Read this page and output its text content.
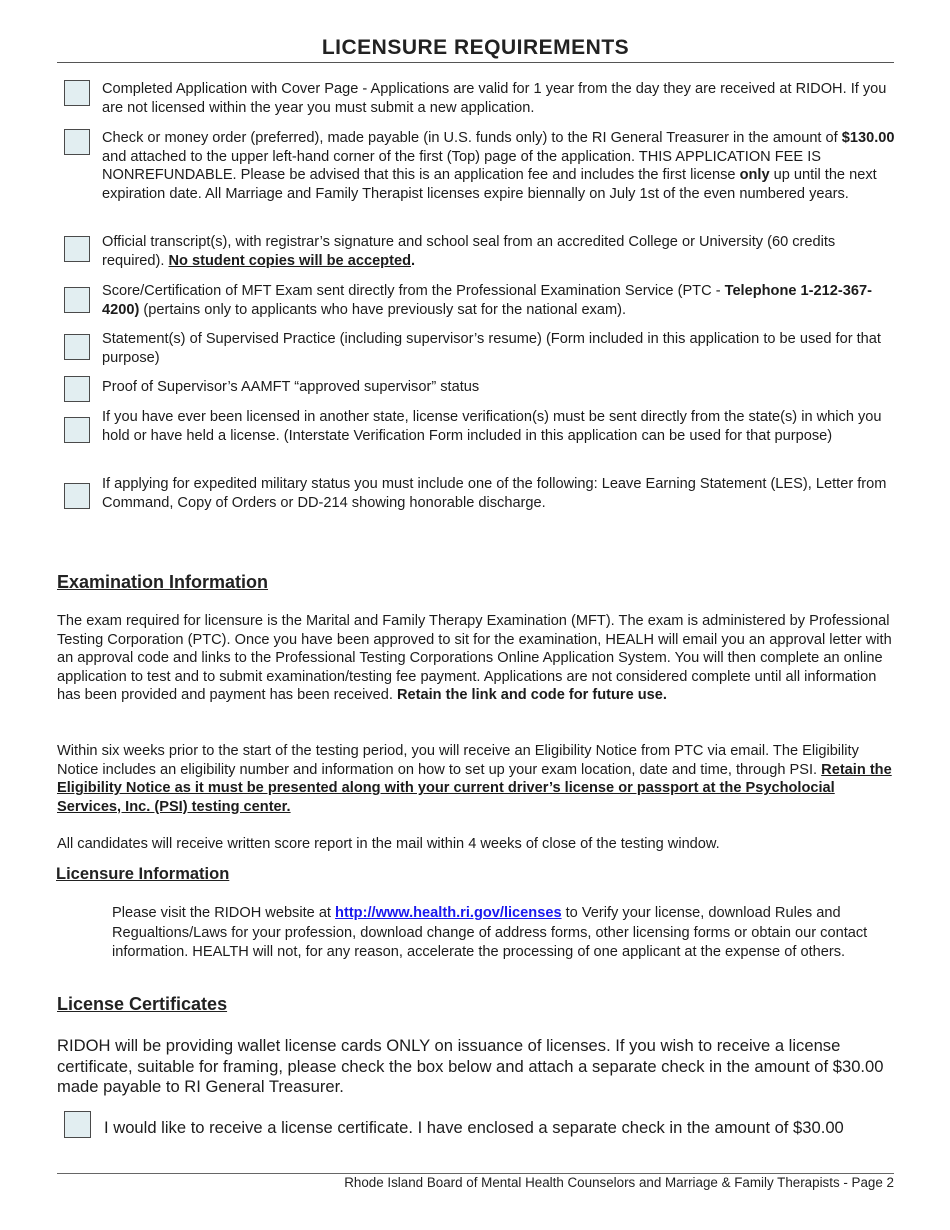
LICENSURE REQUIREMENTS
Completed Application with Cover Page - Applications are valid for 1 year from the day they are received at RIDOH. If you are not licensed within the year you must submit a new application.
Check or money order (preferred), made payable (in U.S. funds only) to the RI General Treasurer in the amount of $130.00 and attached to the upper left-hand corner of the first (Top) page of the application. THIS APPLICATION FEE IS NONREFUNDABLE. Please be advised that this is an application fee and includes the first license only up until the next expiration date. All Marriage and Family Therapist licenses expire biennally on July 1st of the even numbered years.
Official transcript(s), with registrar’s signature and school seal from an accredited College or University (60 credits required). No student copies will be accepted.
Score/Certification of MFT Exam sent directly from the Professional Examination Service (PTC - Telephone 1-212-367-4200) (pertains only to applicants who have previously sat for the national exam).
Statement(s) of Supervised Practice (including supervisor’s resume) (Form included in this application to be used for that purpose)
Proof of Supervisor’s AAMFT “approved supervisor” status
If you have ever been licensed in another state, license verification(s) must be sent directly from the state(s) in which you hold or have held a license. (Interstate Verification Form included in this application can be used for that purpose)
If applying for expedited military status you must include one of the following: Leave Earning Statement (LES), Letter from Command, Copy of Orders or DD-214 showing honorable discharge.
Examination Information
The exam required for licensure is the Marital and Family Therapy Examination (MFT). The exam is administered by Professional Testing Corporation (PTC). Once you have been approved to sit for the examination, HEALH will email you an approval letter with an approval code and links to the Professional Testing Corporations Online Application System. You will then complete an online application to test and to submit examination/testing fee payment. Applications are not considered complete until all information has been provided and payment has been received. Retain the link and code for future use.
Within six weeks prior to the start of the testing period, you will receive an Eligibility Notice from PTC via email. The Eligibility Notice includes an eligibility number and information on how to set up your exam location, date and time, through PSI. Retain the Eligibility Notice as it must be presented along with your current driver’s license or passport at the Psycholocial Services, Inc. (PSI) testing center.
All candidates will receive written score report in the mail within 4 weeks of close of the testing window.
Licensure Information
Please visit the RIDOH website at http://www.health.ri.gov/licenses to Verify your license, download Rules and Regualtions/Laws for your profession, download change of address forms, other licensing forms or obtain our contact information. HEALTH will not, for any reason, accelerate the processing of one applicant at the expense of others.
License Certificates
RIDOH will be providing wallet license cards ONLY on issuance of licenses. If you wish to receive a license certificate, suitable for framing, please check the box below and attach a separate check in the amount of $30.00 made payable to RI General Treasurer.
I would like to receive a license certificate. I have enclosed a separate check in the amount of $30.00
Rhode Island Board of Mental Health Counselors and Marriage & Family Therapists - Page 2
